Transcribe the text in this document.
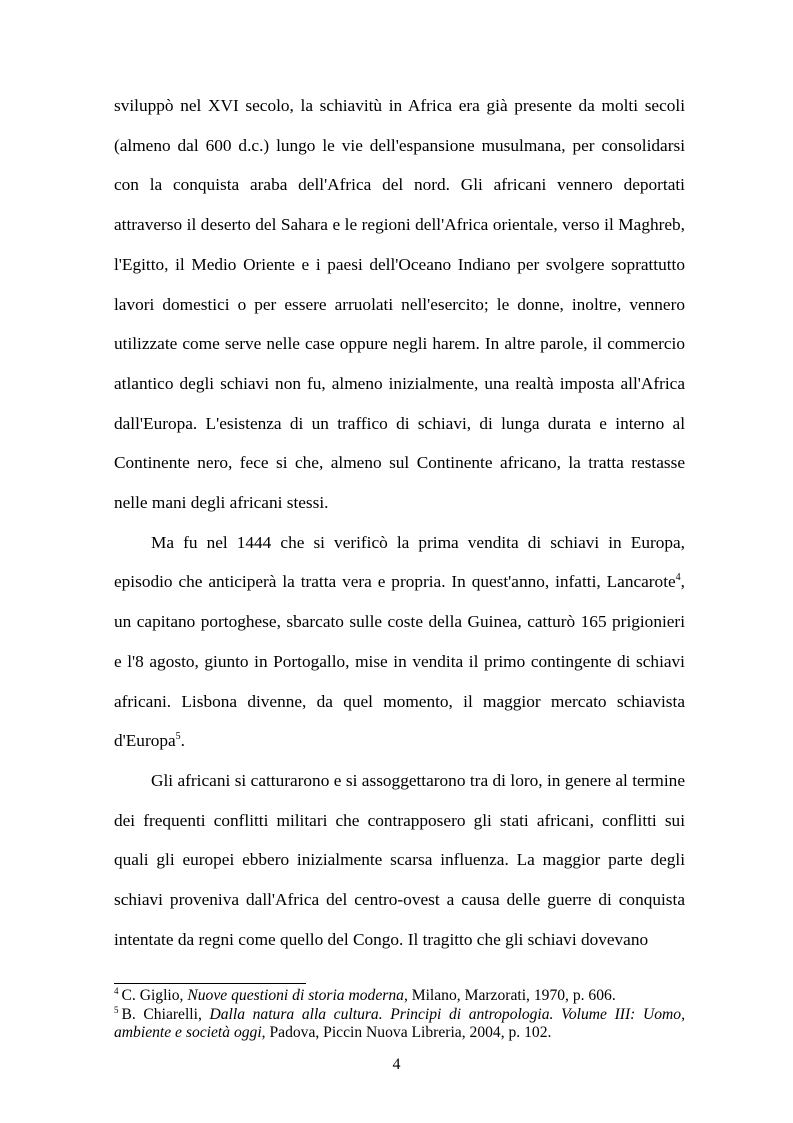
sviluppò nel XVI secolo, la schiavitù in Africa era già presente da molti secoli (almeno dal 600 d.c.) lungo le vie dell'espansione musulmana, per consolidarsi con la conquista araba dell'Africa del nord. Gli africani vennero deportati attraverso il deserto del Sahara e le regioni dell'Africa orientale, verso il Maghreb, l'Egitto, il Medio Oriente e i paesi dell'Oceano Indiano per svolgere soprattutto lavori domestici o per essere arruolati nell'esercito; le donne, inoltre, vennero utilizzate come serve nelle case oppure negli harem. In altre parole, il commercio atlantico degli schiavi non fu, almeno inizialmente, una realtà imposta all'Africa dall'Europa. L'esistenza di un traffico di schiavi, di lunga durata e interno al Continente nero, fece si che, almeno sul Continente africano, la tratta restasse nelle mani degli africani stessi.

Ma fu nel 1444 che si verificò la prima vendita di schiavi in Europa, episodio che anticiperà la tratta vera e propria. In quest'anno, infatti, Lancarote$^4$, un capitano portoghese, sbarcato sulle coste della Guinea, catturò 165 prigionieri e l'8 agosto, giunto in Portogallo, mise in vendita il primo contingente di schiavi africani. Lisbona divenne, da quel momento, il maggior mercato schiavista d'Europa$^5$.

Gli africani si catturarono e si assoggettarono tra di loro, in genere al termine dei frequenti conflitti militari che contrapposero gli stati africani, conflitti sui quali gli europei ebbero inizialmente scarsa influenza. La maggior parte degli schiavi proveniva dall'Africa del centro-ovest a causa delle guerre di conquista intentate da regni come quello del Congo. Il tragitto che gli schiavi dovevano

$^4$ C. Giglio, Nuove questioni di storia moderna, Milano, Marzorati, 1970, p. 606.

$^5$ B. Chiarelli, Dalla natura alla cultura. Principi di antropologia. Volume III: Uomo, ambiente e società oggi, Padova, Piccin Nuova Libreria, 2004, p. 102.

4
